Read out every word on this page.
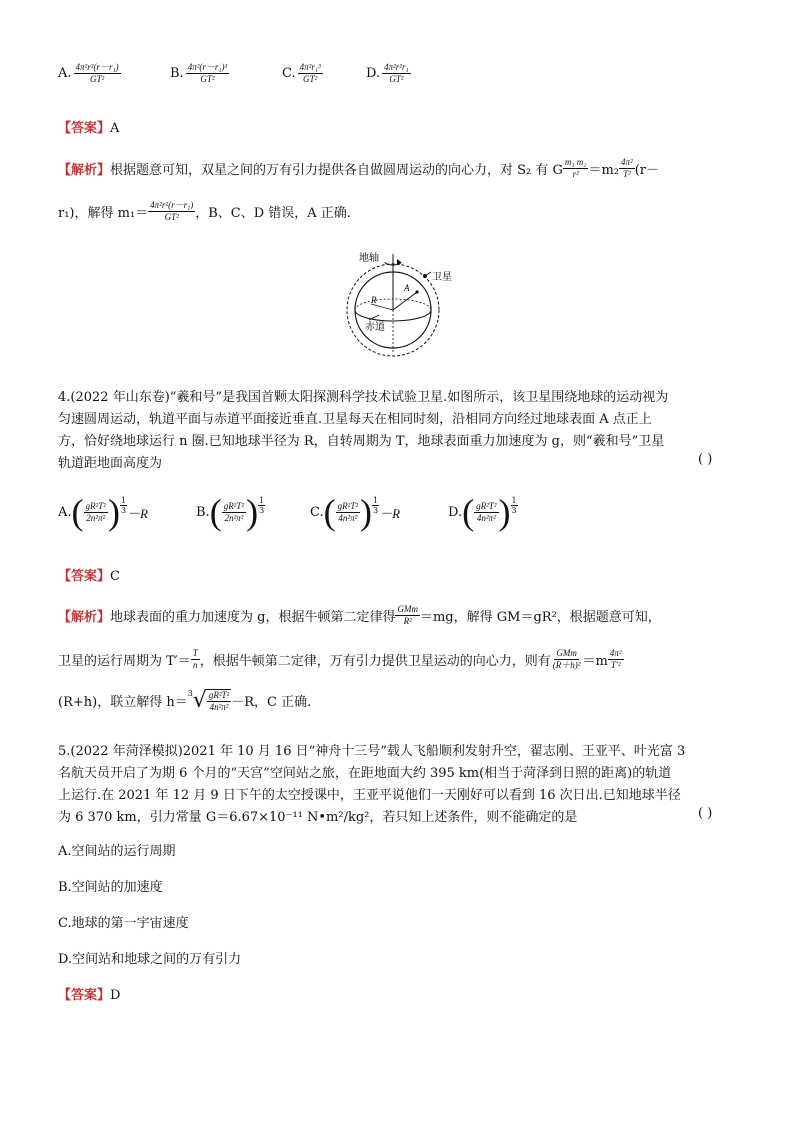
A. $\frac{\text{4π²r²(r－r₁)}}{\text{GT²}}$	B. $\frac{\text{4π²(r－r₁)³}}{\text{GT²}}$	C. $\frac{\text{4π²r₁³}}{\text{GT²}}$	D. $\frac{\text{4π²r²r₁}}{\text{GT²}}$
【答案】A
【解析】 根据题意可知，双星之间的万有引力提供各自做圆周运动的向心力，对 S₂ 有 G $\frac{\text{m₁ m₂}}{\text{r²}} =m_2 \frac{\text{4π²}}{\text{T²}} (r-$
r₁)，解得 $m_1= \frac{\text{4π²r²(r－r₁)}}{\text{GT²}}$ ，B、C、D 错误，A 正确.
地轴
卫星
A
R
赤道
4.(2022 年山东卷)“羲和号”是我国首颗太阳探测科学技术试验卫星.如图所示，该卫星围绕地球的运动视为
匀速圆周运动，轨道平面与赤道平面接近垂直.卫星每天在相同时刻，沿相同方向经过地球表面 A 点正上
方，恰好绕地球运行 n 圈.已知地球半径为 R，自转周期为 T，地球表面重力加速度为 g，则“羲和号”卫星
轨道距地面高度为	( )
A. ( $\frac{\text{gR²T²}}{\text{2n²π²}}$ ) $\frac{1}{3} -R$	B. ( $\frac{\text{gR²T²}}{\text{2n²π²}}$ ) $\frac{1}{3}$	C. ( $\frac{\text{gR²T²}}{\text{4n²π²}}$ ) $\frac{1}{3} -R$	D. ( $\frac{\text{gR²T²}}{\text{4n²π²}}$ ) $\frac{1}{3}$
【答案】C
【解析】 地球表面的重力加速度为 g，根据牛顿第二定律得 $\frac{\text{GMm}}{\text{R²}} =mg$，解得 GM＝gR²，根据题意可知，
卫星的运行周期为 $T'= \frac{T}{n}$ ，根据牛顿第二定律，万有引力提供卫星运动的向心力，则有 $\frac{\text{GMm}}{\text{(R＋h)²}} =m \frac{\text{4π²}}{\text{T′²}}$
(R+h)，联立解得 h＝
3 √ $\frac{\text{gR²T²}}{\text{4n²π²}} -R$，C 正确.
5.(2022 年菏泽模拟)2021 年 10 月 16 日“神舟十三号”载人飞船顺利发射升空，翟志刚、王亚平、叶光富 3
名航天员开启了为期 6 个月的“天宫”空间站之旅，在距地面大约 395 km(相当于菏泽到日照的距离)的轨道
上运行.在 2021 年 12 月 9 日下午的太空授课中，王亚平说他们一天刚好可以看到 16 次日出.已知地球半径
为 6 370 km，引力常量 G＝6.67×10⁻¹¹ N•m²/kg²，若只知上述条件，则不能确定的是	( )
A.空间站的运行周期
B.空间站的加速度
C.地球的第一宇宙速度
D.空间站和地球之间的万有引力
【答案】D
